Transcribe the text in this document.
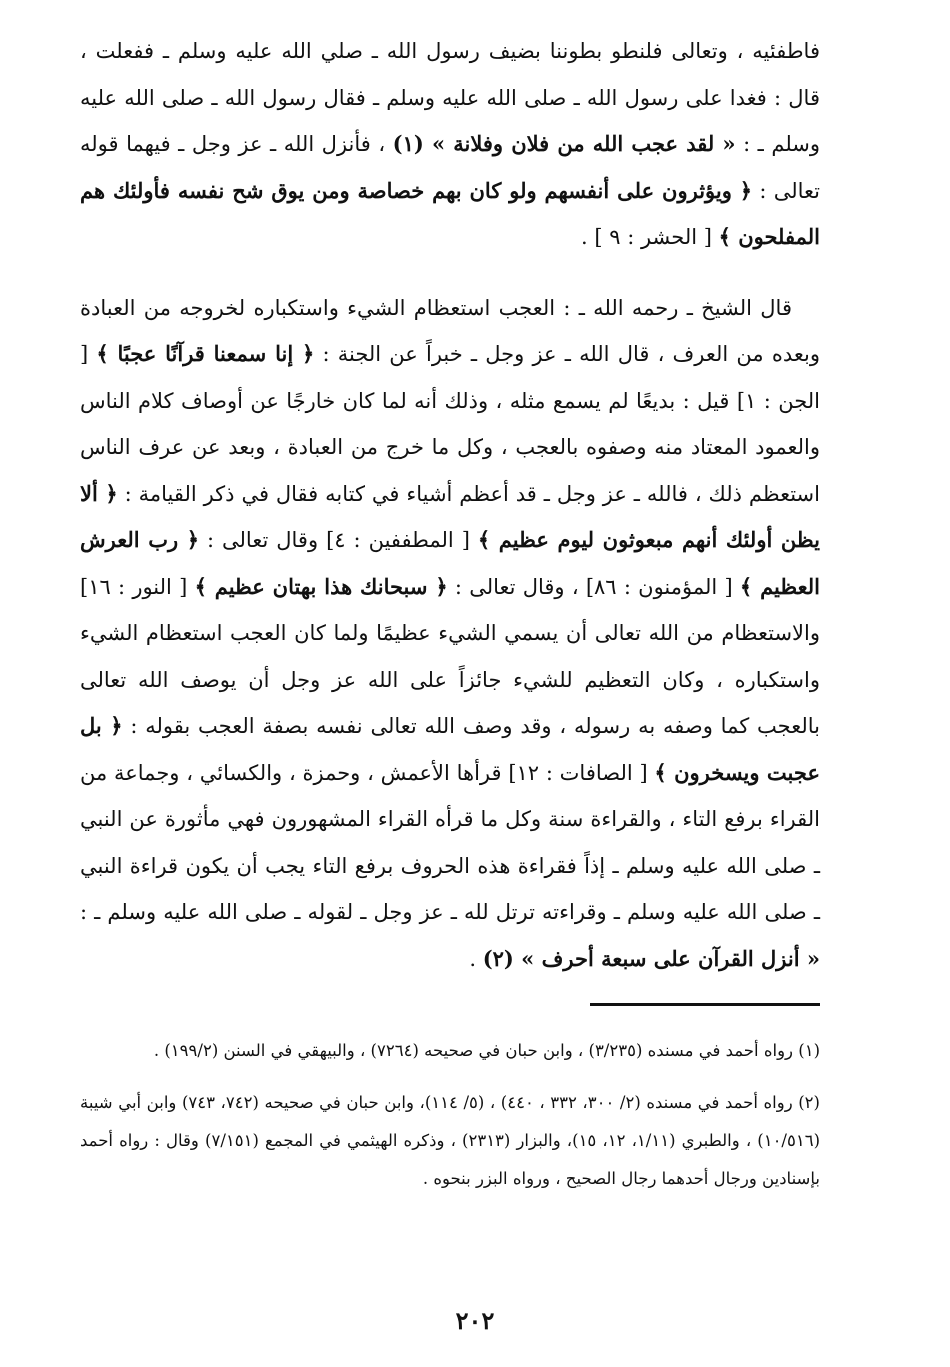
فاطفئيه ، وتعالى فلنطو بطوننا بضيف رسول الله ـ صلي الله عليه وسلم ـ ففعلت ، قال : فغدا على رسول الله ـ صلى الله عليه وسلم ـ فقال رسول الله ـ صلى الله عليه وسلم ـ : « لقد عجب الله من فلان وفلانة » (١) ، فأنزل الله ـ عز وجل ـ فيهما قوله تعالى : ﴿ ويؤثرون على أنفسهم ولو كان بهم خصاصة ومن يوق شح نفسه فأولئك هم المفلحون ﴾ [ الحشر : ٩ ] .

قال الشيخ ـ رحمه الله ـ : العجب استعظام الشيء واستكباره لخروجه من العبادة وبعده من العرف ، قال الله ـ عز وجل ـ خبراً عن الجنة : ﴿ إنا سمعنا قرآنًا عجبًا ﴾ [ الجن : ١] قيل : بديعًا لم يسمع مثله ، وذلك أنه لما كان خارجًا عن أوصاف كلام الناس والعمود المعتاد منه وصفوه بالعجب ، وكل ما خرج من العبادة ، وبعد عن عرف الناس استعظم ذلك ، فالله ـ عز وجل ـ قد أعظم أشياء في كتابه فقال في ذكر القيامة : ﴿ ألا يظن أولئك أنهم مبعوثون ليوم عظيم ﴾ [ المطففين : ٤] وقال تعالى : ﴿ رب العرش العظيم ﴾ [ المؤمنون : ٨٦] ، وقال تعالى : ﴿ سبحانك هذا بهتان عظيم ﴾ [ النور : ١٦] والاستعظام من الله تعالى أن يسمي الشيء عظيمًا ولما كان العجب استعظام الشيء واستكباره ، وكان التعظيم للشيء جائزاً على الله عز وجل أن يوصف الله تعالى بالعجب كما وصفه به رسوله ، وقد وصف الله تعالى نفسه بصفة العجب بقوله : ﴿ بل عجبت ويسخرون ﴾ [ الصافات : ١٢] قرأها الأعمش ، وحمزة ، والكسائي ، وجماعة من القراء برفع التاء ، والقراءة سنة وكل ما قرأه القراء المشهورون فهي مأثورة عن النبي ـ صلى الله عليه وسلم ـ إذاً فقراءة هذه الحروف برفع التاء يجب أن يكون قراءة النبي ـ صلى الله عليه وسلم ـ وقراءته ترتل لله ـ عز وجل ـ لقوله ـ صلى الله عليه وسلم ـ : « أنزل القرآن على سبعة أحرف » (٢) .

(١) رواه أحمد في مسنده (٣/٢٣٥) ، وابن حبان في صحيحه (٧٢٦٤) ، والبيهقي في السنن (١٩٩/٢) .

(٢) رواه أحمد في مسنده (٢/ ٣٠٠، ٣٣٢ ، ٤٤٠) ، (٥/ ١١٤)، وابن حبان في صحيحه (٧٤٢، ٧٤٣) وابن أبي شيبة (١٠/٥١٦) ، والطبري (١/١١، ١٢، ١٥)، والبزار (٢٣١٣) ، وذكره الهيثمي في المجمع (٧/١٥١) وقال : رواه أحمد بإسنادين ورجال أحدهما رجال الصحيح ، ورواه البزر بنحوه .

٢٠٢
